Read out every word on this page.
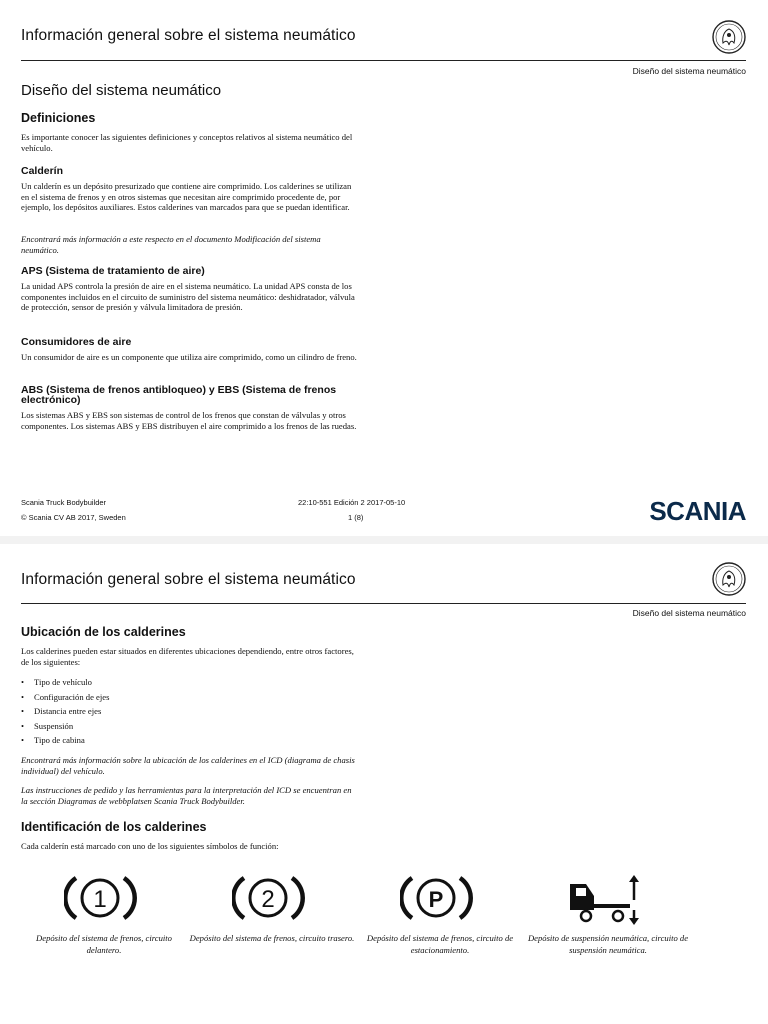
Información general sobre el sistema neumático
Diseño del sistema neumático
Diseño del sistema neumático
Definiciones
Es importante conocer las siguientes definiciones y conceptos relativos al sistema neumático del vehículo.
Calderín
Un calderín es un depósito presurizado que contiene aire comprimido. Los calderines se utilizan en el sistema de frenos y en otros sistemas que necesitan aire comprimido procedente de, por ejemplo, los depósitos auxiliares. Estos calderines van marcados para que se puedan identificar.
Encontrará más información a este respecto en el documento Modificación del sistema neumático.
APS (Sistema de tratamiento de aire)
La unidad APS controla la presión de aire en el sistema neumático. La unidad APS consta de los componentes incluidos en el circuito de suministro del sistema neumático: deshidratador, válvula de protección, sensor de presión y válvula limitadora de presión.
Consumidores de aire
Un consumidor de aire es un componente que utiliza aire comprimido, como un cilindro de freno.
ABS (Sistema de frenos antibloqueo) y EBS (Sistema de frenos electrónico)
Los sistemas ABS y EBS son sistemas de control de los frenos que constan de válvulas y otros componentes. Los sistemas ABS y EBS distribuyen el aire comprimido a los frenos de las ruedas.
Scania Truck Bodybuilder
© Scania CV AB 2017, Sweden
22:10-551 Edición 2 2017-05-10
1 (8)	SCANIA
Información general sobre el sistema neumático
Diseño del sistema neumático
Ubicación de los calderines
Los calderines pueden estar situados en diferentes ubicaciones dependiendo, entre otros factores, de los siguientes:
• Tipo de vehículo
• Configuración de ejes
• Distancia entre ejes
• Suspensión
• Tipo de cabina
Encontrará más información sobre la ubicación de los calderines en el ICD (diagrama de chasis individual) del vehículo.
Las instrucciones de pedido y las herramientas para la interpretación del ICD se encuentran en la sección Diagramas de webbplatsen Scania Truck Bodybuilder.
Identificación de los calderines
Cada calderín está marcado con uno de los siguientes símbolos de función:
1	2	P
Depósito del sistema de frenos, circuito delantero.
Depósito del sistema de frenos, circuito trasero.	Depósito del sistema de frenos, circuito de estacionamiento.
Depósito de suspensión neumática, circuito de suspensión neumática.
